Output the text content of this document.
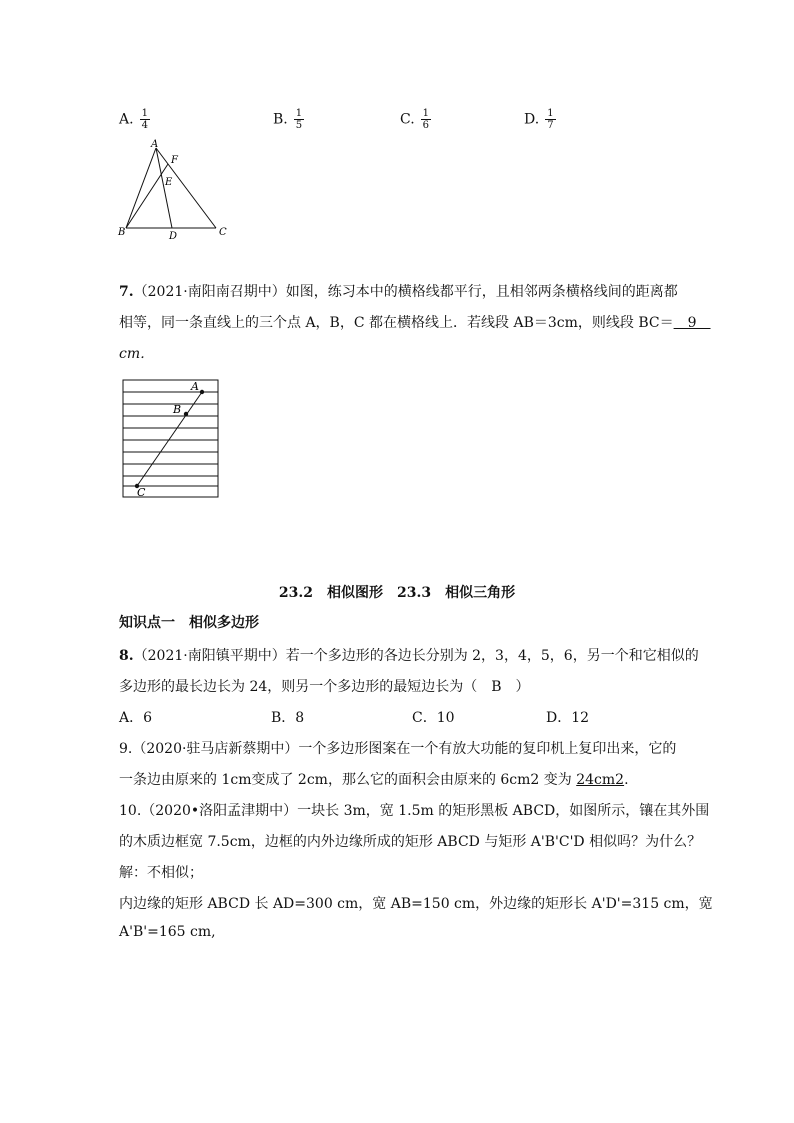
A. $\frac{1}{4}$	B. $\frac{1}{5}$	C. $\frac{1}{6}$	D. $\frac{1}{7}$
A
F
E
B	D	C
7.（2021·南阳南召期中）如图，练习本中的横格线都平行，且相邻两条横格线间的距离都
相等，同一条直线上的三个点 A，B，C 都在横格线上．若线段 AB＝3cm，则线段 BC＝　9　
cm．
A
B
C
23.2　相似图形　23.3　相似三角形
知识点一　相似多边形
8.（2021·南阳镇平期中）若一个多边形的各边长分别为 2，3，4，5，6，另一个和它相似的
多边形的最长边长为 24，则另一个多边形的最短边长为（　B　）
A．6	B．8	C．10	D．12
9.（2020·驻马店新蔡期中）一个多边形图案在一个有放大功能的复印机上复印出来，它的
一条边由原来的 1cm变成了 2cm，那么它的面积会由原来的 6cm2 变为 24cm2.
10.（2020•洛阳孟津期中）一块长 3m，宽 1.5m 的矩形黑板 ABCD，如图所示，镶在其外围
的木质边框宽 7.5cm，边框的内外边缘所成的矩形 ABCD 与矩形 A'B'C'D 相似吗？为什么？
解：不相似；
内边缘的矩形 ABCD 长 AD=300 cm，宽 AB=150 cm，外边缘的矩形长 A'D'=315 cm，宽
A'B'=165 cm,
